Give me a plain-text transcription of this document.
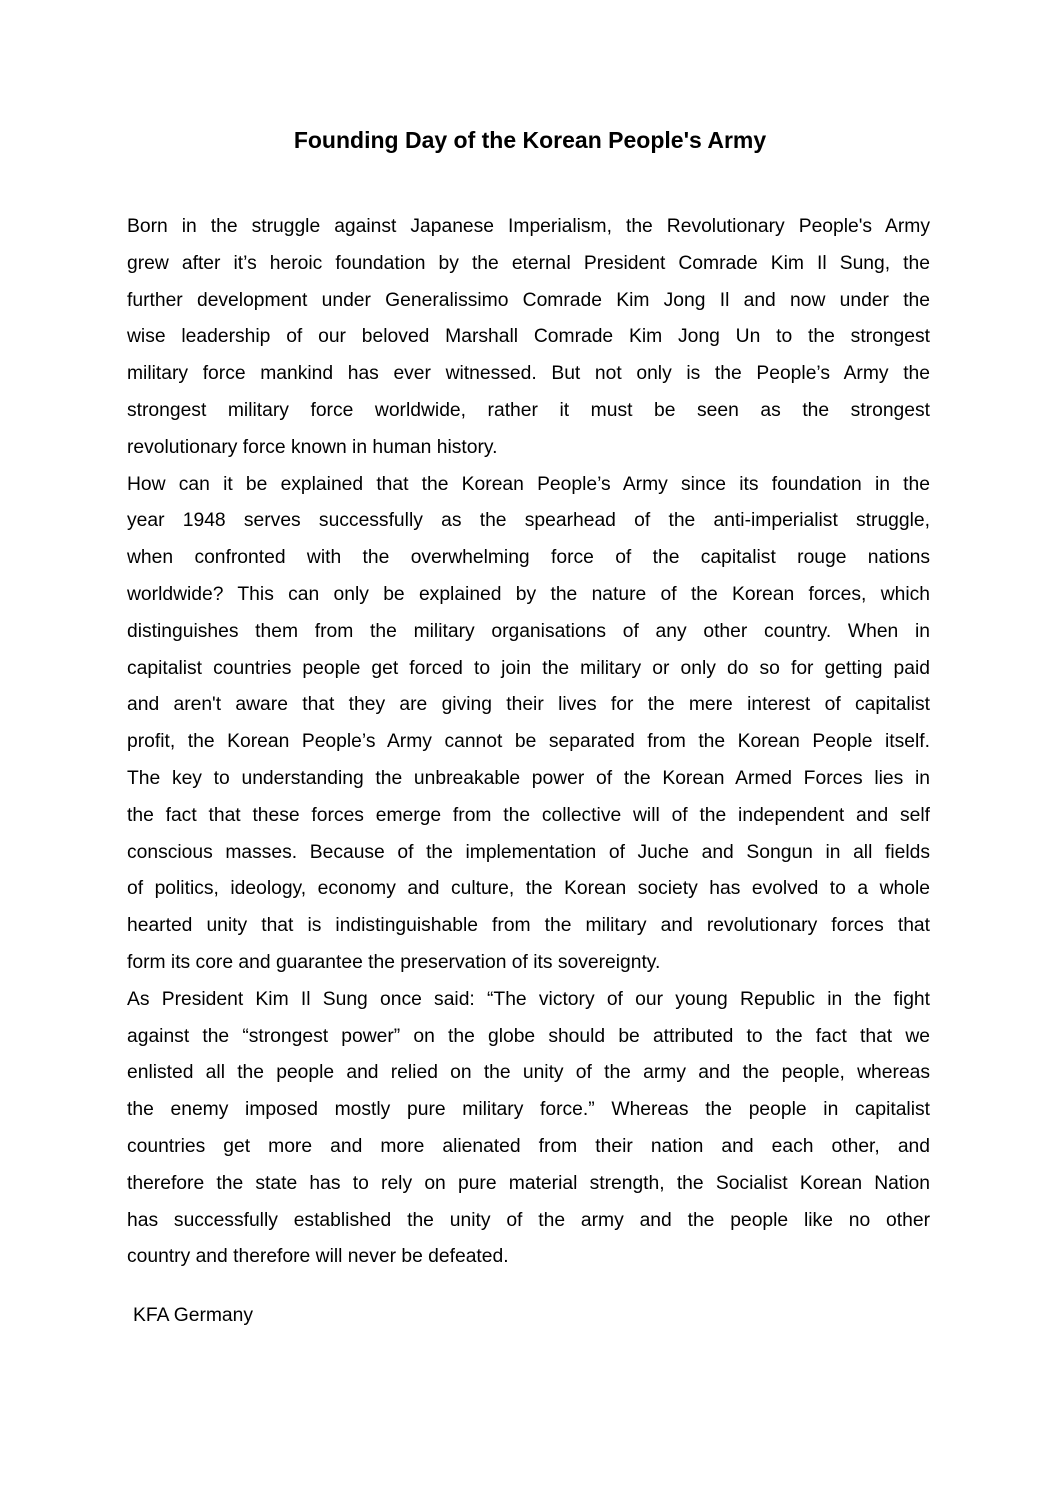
Founding Day of the Korean People's Army
Born in the struggle against Japanese Imperialism, the Revolutionary People's Army
grew after it’s heroic foundation by the eternal President Comrade Kim Il Sung, the
further development under Generalissimo Comrade Kim Jong Il and now under the
wise leadership of our beloved Marshall Comrade Kim Jong Un to the strongest
military force mankind has ever witnessed. But not only is the People’s Army the
strongest military force worldwide, rather it must be seen as the strongest
revolutionary force known in human history.
How can it be explained that the Korean People’s Army since its foundation in the
year 1948 serves successfully as the spearhead of the anti-imperialist struggle,
when confronted with the overwhelming force of the capitalist rouge nations
worldwide? This can only be explained by the nature of the Korean forces, which
distinguishes them from the military organisations of any other country. When in
capitalist countries people get forced to join the military or only do so for getting paid
and aren't aware that they are giving their lives for the mere interest of capitalist
profit, the Korean People’s Army cannot be separated from the Korean People itself.
The key to understanding the unbreakable power of the Korean Armed Forces lies in
the fact that these forces emerge from the collective will of the independent and self
conscious masses. Because of the implementation of Juche and Songun in all fields
of politics, ideology, economy and culture, the Korean society has evolved to a whole
hearted unity that is indistinguishable from the military and revolutionary forces that
form its core and guarantee the preservation of its sovereignty.
As President Kim Il Sung once said: “The victory of our young Republic in the fight
against the “strongest power” on the globe should be attributed to the fact that we
enlisted all the people and relied on the unity of the army and the people, whereas
the enemy imposed mostly pure military force.” Whereas the people in capitalist
countries get more and more alienated from their nation and each other, and
therefore the state has to rely on pure material strength, the Socialist Korean Nation
has successfully established the unity of the army and the people like no other
country and therefore will never be defeated.
KFA Germany
